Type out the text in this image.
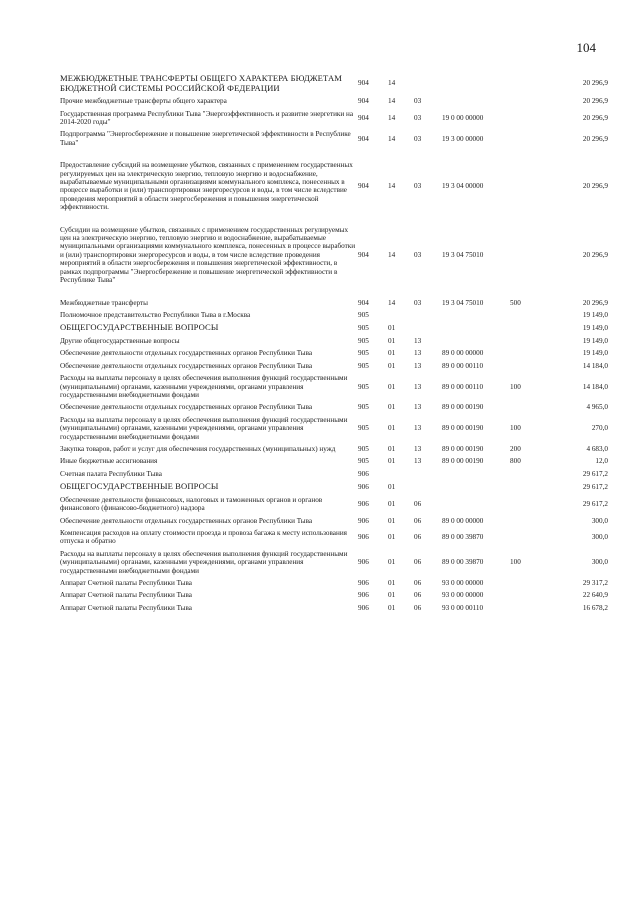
104
МЕЖБЮДЖЕТНЫЕ ТРАНСФЕРТЫ ОБЩЕГО ХАРАКТЕРА БЮДЖЕТАМ БЮДЖЕТНОЙ СИСТЕМЫ РОССИЙСКОЙ ФЕДЕРАЦИИ	904	14				20 296,9
Прочие межбюджетные трансферты общего характера	904	14	03			20 296,9
Государственная программа Республики Тыва "Энергоэффективность и развитие энергетики на 2014-2020 годы"	904	14	03	19 0 00 00000		20 296,9
Подпрограмма "Энергосбережение и повышение энергетической эффективности в Республике Тыва"	904	14	03	19 3 00 00000		20 296,9

Предоставление субсидий на возмещение убытков, связанных с применением государственных регулируемых цен на электрическую энергию, тепловую энергию и водоснабжение, вырабатываемые муниципальными организациями коммунального комплекса, понесенных в процессе выработки и (или) транспортировки энергоресурсов и воды, в том числе вследствие проведения мероприятий в области энергосбережения и повышения энергетической эффективности.	904	14	03	19 3 04 00000		20 296,9

Субсидии на возмещение убытков, связанных с применением государственных регулируемых цен на электрическую энергию, тепловую энергию и водоснабжение, вырабатываемые муниципальными организациями коммунального комплекса, понесенных в процессе выработки и (или) транспортировки энергоресурсов и воды, в том числе вследствие проведения мероприятий в области энергосбережения и повышения энергетической эффективности, в рамках подпрограммы "Энергосбережение и повышение энергетической эффективности в Республике Тыва"	904	14	03	19 3 04 75010		20 296,9

Межбюджетные трансферты	904	14	03	19 3 04 75010	500	20 296,9
Полномочное представительство Республики Тыва в г.Москва	905					19 149,0
ОБЩЕГОСУДАРСТВЕННЫЕ ВОПРОСЫ	905	01				19 149,0
Другие общегосударственные вопросы	905	01	13			19 149,0
Обеспечение деятельности отдельных государственных органов Республики Тыва	905	01	13	89 0 00 00000		19 149,0
Обеспечение деятельности отдельных государственных органов Республики Тыва	905	01	13	89 0 00 00110		14 184,0
Расходы на выплаты персоналу в целях обеспечения выполнения функций государственными (муниципальными) органами, казенными учреждениями, органами управления государственными внебюджетными фондами	905	01	13	89 0 00 00110	100	14 184,0
Обеспечение деятельности отдельных государственных органов Республики Тыва	905	01	13	89 0 00 00190		4 965,0
Расходы на выплаты персоналу в целях обеспечения выполнения функций государственными (муниципальными) органами, казенными учреждениями, органами управления государственными внебюджетными фондами	905	01	13	89 0 00 00190	100	270,0
Закупка товаров, работ и услуг для обеспечения государственных (муниципальных) нужд	905	01	13	89 0 00 00190	200	4 683,0
Иные бюджетные ассигнования	905	01	13	89 0 00 00190	800	12,0
Счетная палата Республики Тыва	906					29 617,2
ОБЩЕГОСУДАРСТВЕННЫЕ ВОПРОСЫ	906	01				29 617,2
Обеспечение деятельности финансовых, налоговых и таможенных органов и органов финансового (финансово-бюджетного) надзора	906	01	06			29 617,2
Обеспечение деятельности отдельных государственных органов Республики Тыва	906	01	06	89 0 00 00000		300,0
Компенсация расходов на оплату стоимости проезда и провоза багажа к месту использования отпуска и обратно	906	01	06	89 0 00 39870		300,0
Расходы на выплаты персоналу в целях обеспечения выполнения функций государственными (муниципальными) органами, казенными учреждениями, органами управления государственными внебюджетными фондами	906	01	06	89 0 00 39870	100	300,0
Аппарат Счетной палаты Республики Тыва	906	01	06	93 0 00 00000		29 317,2
Аппарат Счетной палаты Республики Тыва	906	01	06	93 0 00 00000		22 640,9
Аппарат Счетной палаты Республики Тыва	906	01	06	93 0 00 00110		16 678,2
